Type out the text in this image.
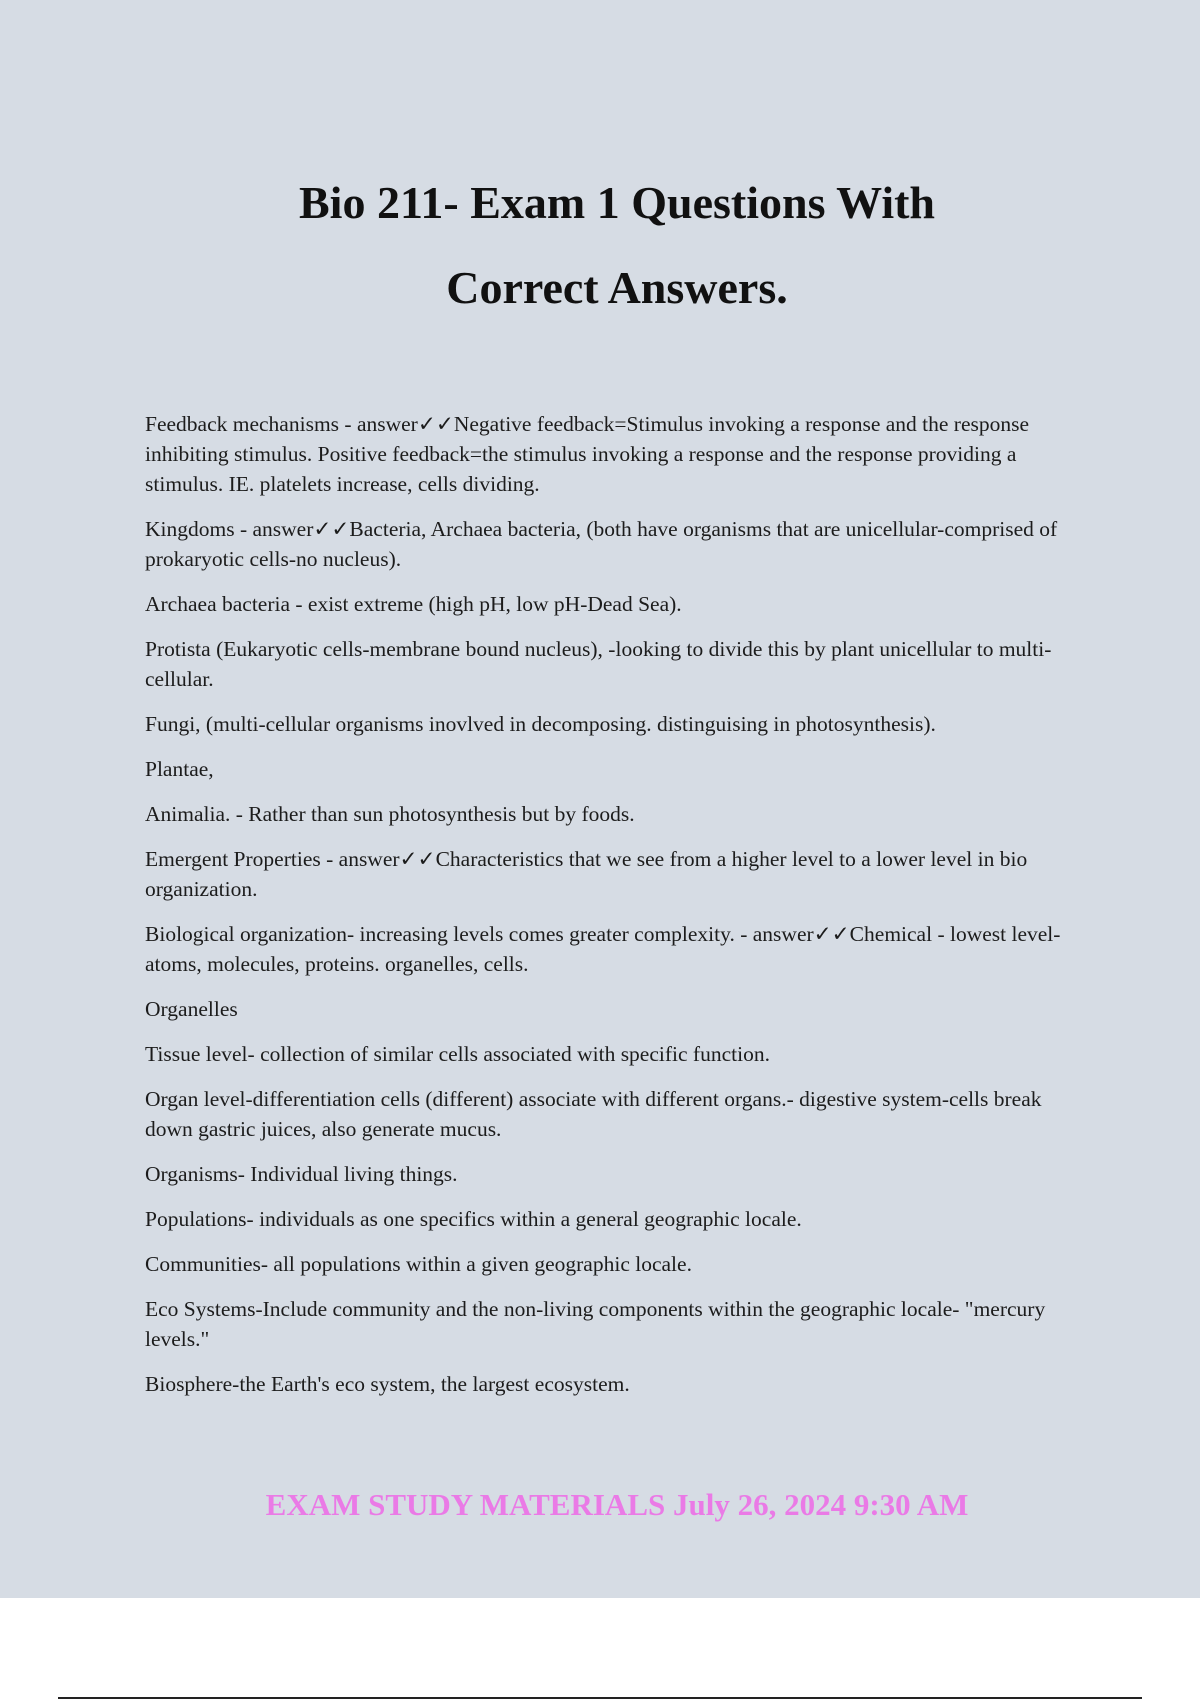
Bio 211- Exam 1 Questions With
Correct Answers.

Feedback mechanisms - answer✓✓Negative feedback=Stimulus invoking a response and the response inhibiting stimulus. Positive feedback=the stimulus invoking a response and the response providing a stimulus. IE. platelets increase, cells dividing.

Kingdoms - answer✓✓Bacteria, Archaea bacteria, (both have organisms that are unicellular-comprised of prokaryotic cells-no nucleus).

Archaea bacteria - exist extreme (high pH, low pH-Dead Sea).

Protista (Eukaryotic cells-membrane bound nucleus), -looking to divide this by plant unicellular to multi-cellular.

Fungi, (multi-cellular organisms inovlved in decomposing. distinguising in photosynthesis).

Plantae,

Animalia. - Rather than sun photosynthesis but by foods.

Emergent Properties - answer✓✓Characteristics that we see from a higher level to a lower level in bio organization.

Biological organization- increasing levels comes greater complexity. - answer✓✓Chemical - lowest level-atoms, molecules, proteins. organelles, cells.

Organelles

Tissue level- collection of similar cells associated with specific function.

Organ level-differentiation cells (different) associate with different organs.- digestive system-cells break down gastric juices, also generate mucus.

Organisms- Individual living things.

Populations- individuals as one specifics within a general geographic locale.

Communities- all populations within a given geographic locale.

Eco Systems-Include community and the non-living components within the geographic locale- "mercury levels."

Biosphere-the Earth's eco system, the largest ecosystem.

EXAM STUDY MATERIALS July 26, 2024 9:30 AM
